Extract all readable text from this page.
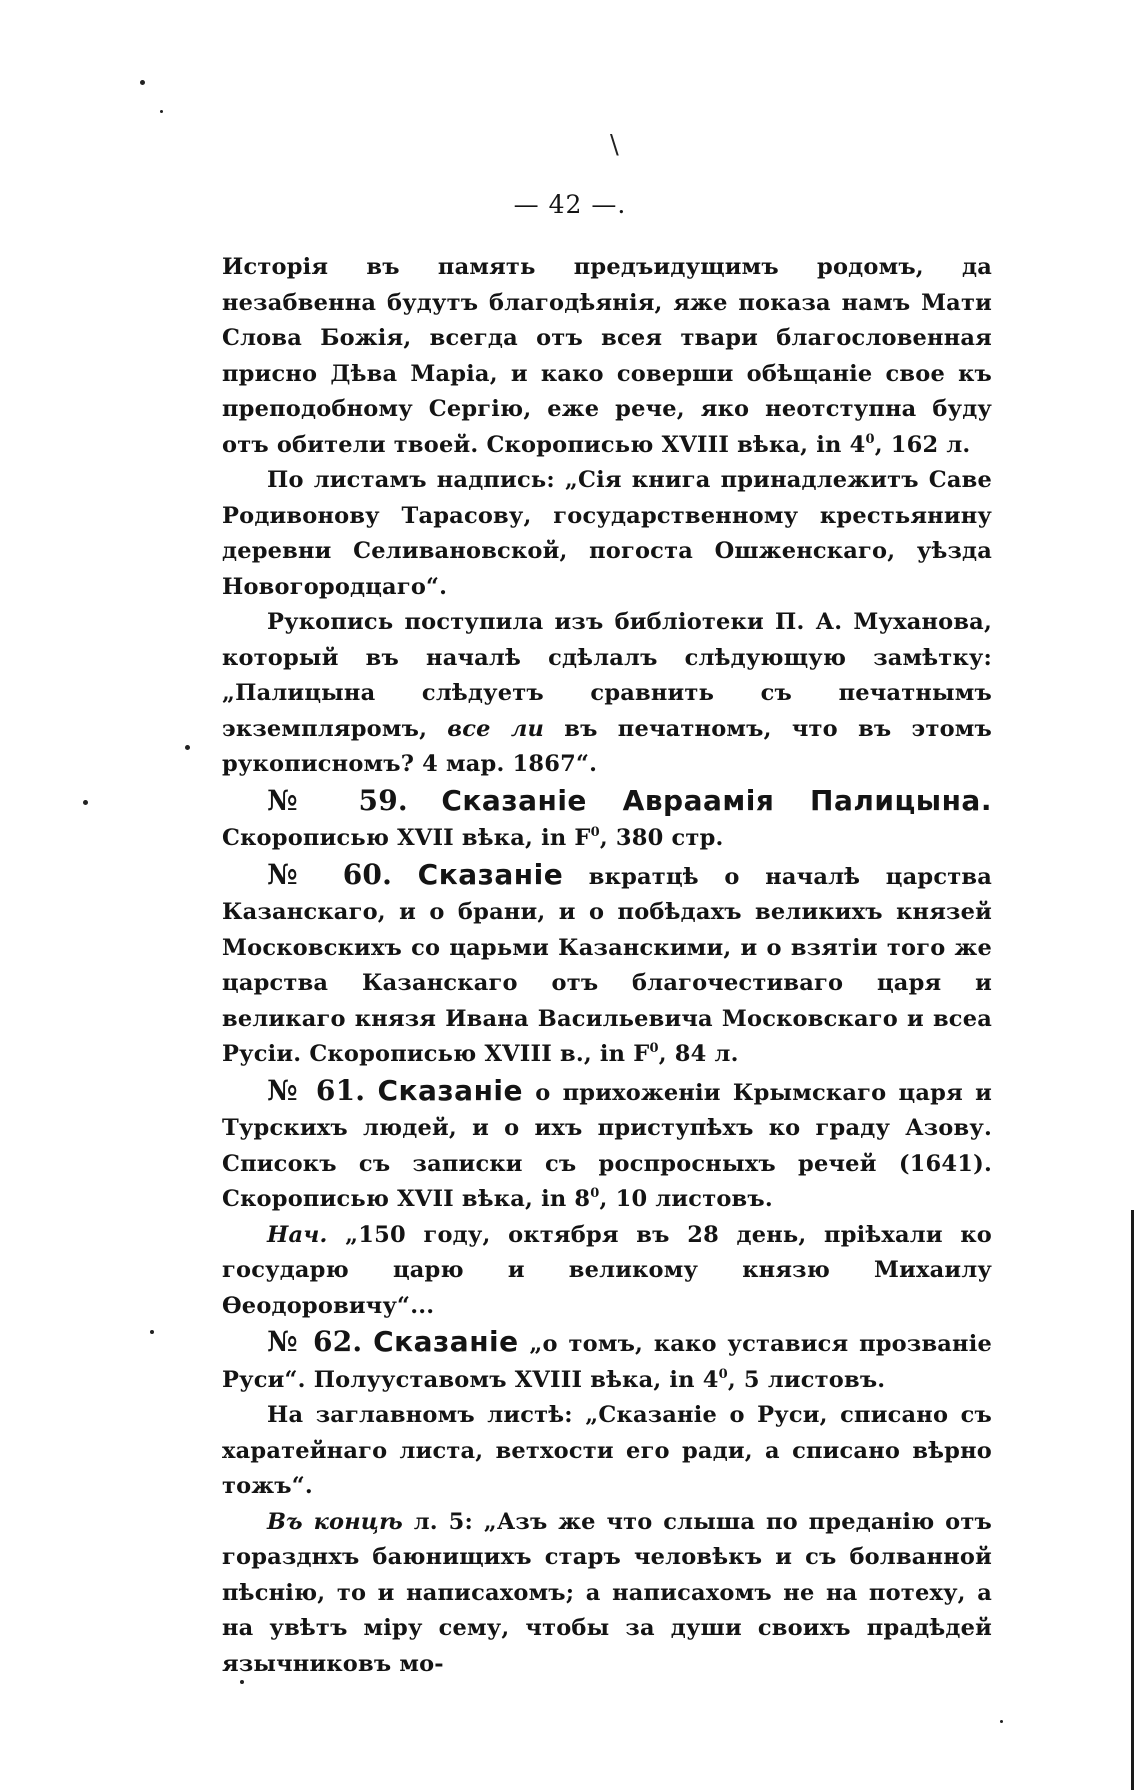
\
— 42 —.

Исторія въ память предъидущимъ родомъ, да незабвенна будутъ благодѣянія, яже показа намъ Мати Слова Божія, всегда отъ всея твари благословенная присно Дѣва Марiа, и како соверши обѣщаніе свое къ преподобному Сергію, еже рече, яко неотступна буду отъ обители твоей. Скорописью XVIII вѣка, in $4^0$, 162 л.

По листамъ надпись: „Сія книга принадлежитъ Саве Родивонову Тарасову, государственному крестьянину деревни Селивановской, погоста Ошженскаго, уѣзда Новогородцаго“.

Рукопись поступила изъ библіотеки П. А. Муханова, который въ началѣ сдѣлалъ слѣдующую замѣтку: „Палицына слѣдуетъ сравнить съ печатнымъ экземпляромъ, все ли въ печатномъ, что въ этомъ рукописномъ? 4 мар. 1867“.

№ 59. Сказаніе Авраамія Палицына. Скорописью XVII вѣка, in $F^0$, 380 стр.

№ 60. Сказаніе вкратцѣ о началѣ царства Казанскаго, и о брани, и о побѣдахъ великихъ князей Московскихъ со царьми Казанскими, и о взятіи того же царства Казанскаго отъ благочестиваго царя и великаго князя Ивана Васильевича Московскаго и всеа Русіи. Скорописью XVIII в., in $F^0$, 84 л.

№ 61. Сказаніе о прихоженіи Крымскаго царя и Турскихъ людей, и о ихъ приступѣхъ ко граду Азову. Списокъ съ записки съ роспросныхъ речей (1641). Скорописью XVII вѣка, in $8^0$, 10 листовъ.

Нач. „150 году, октября въ 28 день, пріѣхали ко государю царю и великому князю Михаилу Ѳеодоровичу“...

№ 62. Сказаніе „о томъ, како уставися прозваніе Руси“. Полууставомъ XVIII вѣка, in $4^0$, 5 листовъ.

На заглавномъ листѣ: „Сказаніе о Руси, списано съ харатейнаго листа, ветхости его ради, а списано вѣрно тожъ“.

Въ концѣ л. 5: „Азъ же что слыша по преданію отъ горазднхъ баюнищихъ старъ человѣкъ и съ болванной пѣснію, то и написахомъ; а написахомъ не на потеху, а на увѣтъ міру сему, чтобы за души своихъ прадѣдей язычниковъ мо-
